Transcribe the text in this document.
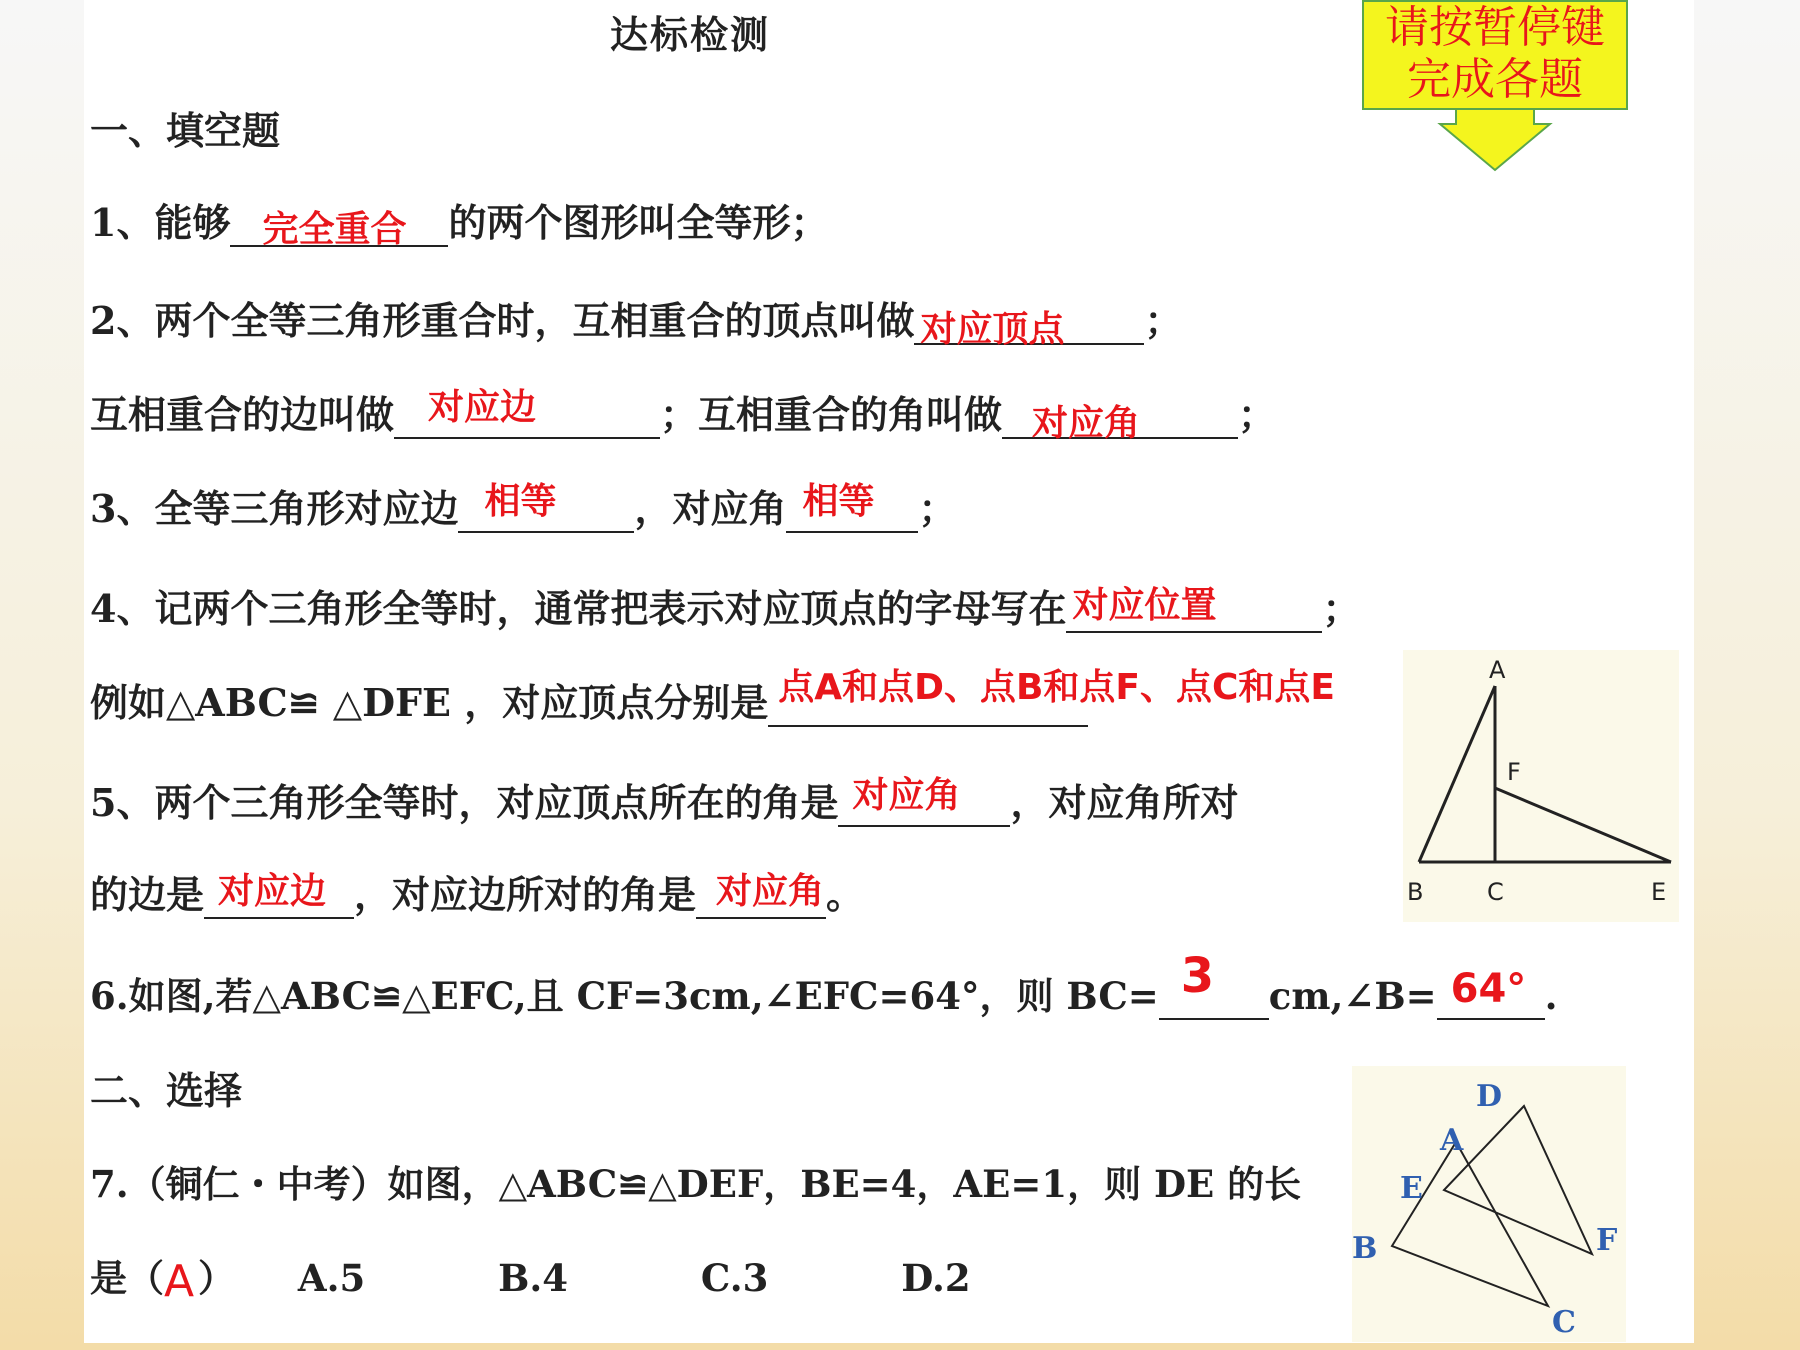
达标检测	请按暂停键
完成各题
一、填空题
1、能够 完全重合 的两个图形叫全等形；
2、两个全等三角形重合时，互相重合的顶点叫做 对应顶点 ；
互相重合的边叫做 对应边	；互相重合的角叫做 对应角	；
3、全等三角形对应边 相等 ，对应角 相等 ；
4、记两个三角形全等时，通常把表示对应顶点的字母写在 对应位置	；
例如△ABC≌ △DFE ，对应顶点分别是 点A和点D、点B和点F、点C和点E
5、两个三角形全等时，对应顶点所在的角是 对应角 ，对应角所对
的边是 对应边 ，对应边所对的角是 对应角 。
6.如图,若△ABC≌△EFC,且 CF=3cm,∠EFC=64°，则 BC= 3 cm,∠B= 64° .
二、选择
7.（铜仁・中考）如图，△ABC≌△DEF，BE=4，AE=1，则 DE 的长
是（ A ） A.5	B.4	C.3	D.2
A
F
B	C	E
D
A
E
B	F
C
